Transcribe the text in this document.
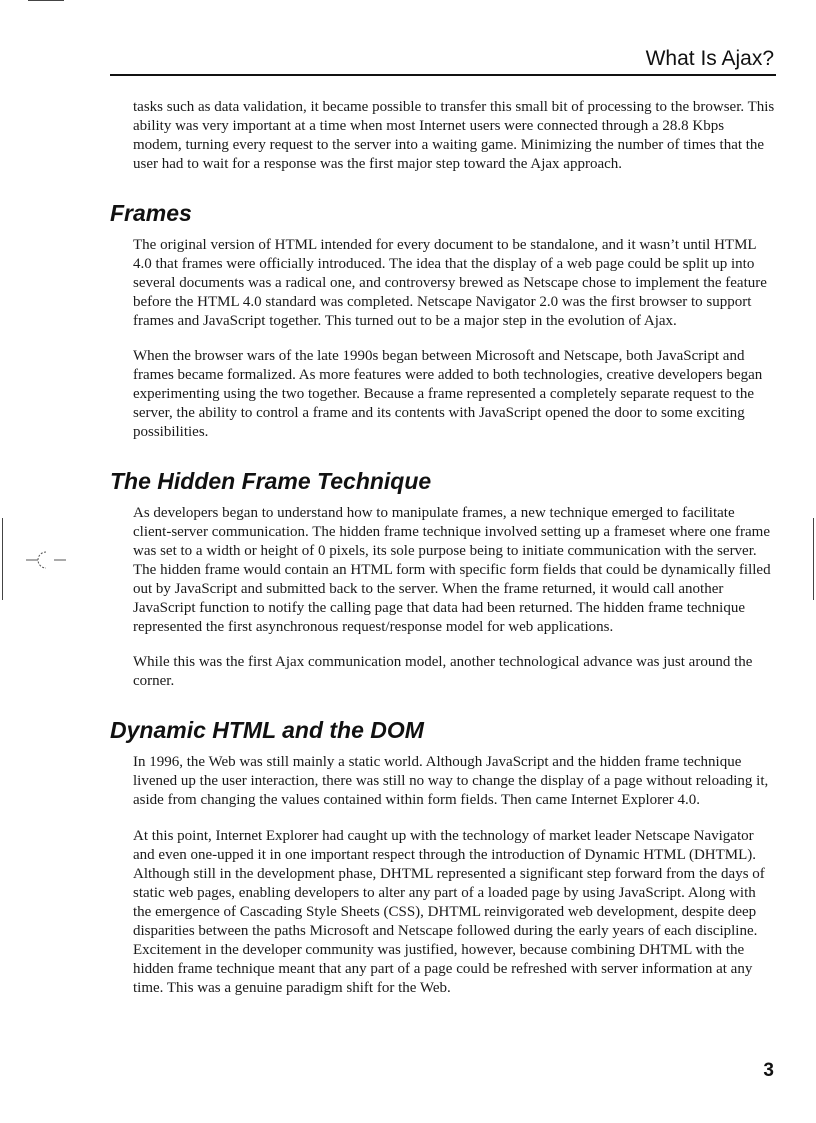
What Is Ajax?

tasks such as data validation, it became possible to transfer this small bit of processing to the browser. This ability was very important at a time when most Internet users were connected through a 28.8 Kbps modem, turning every request to the server into a waiting game. Minimizing the number of times that the user had to wait for a response was the first major step toward the Ajax approach.

Frames

The original version of HTML intended for every document to be standalone, and it wasn’t until HTML 4.0 that frames were officially introduced. The idea that the display of a web page could be split up into several documents was a radical one, and controversy brewed as Netscape chose to implement the feature before the HTML 4.0 standard was completed. Netscape Navigator 2.0 was the first browser to support frames and JavaScript together. This turned out to be a major step in the evolution of Ajax.

When the browser wars of the late 1990s began between Microsoft and Netscape, both JavaScript and frames became formalized. As more features were added to both technologies, creative developers began experimenting using the two together. Because a frame represented a completely separate request to the server, the ability to control a frame and its contents with JavaScript opened the door to some exciting possibilities.

The Hidden Frame Technique

As developers began to understand how to manipulate frames, a new technique emerged to facilitate client-server communication. The hidden frame technique involved setting up a frameset where one frame was set to a width or height of 0 pixels, its sole purpose being to initiate communication with the server. The hidden frame would contain an HTML form with specific form fields that could be dynamically filled out by JavaScript and submitted back to the server. When the frame returned, it would call another JavaScript function to notify the calling page that data had been returned. The hidden frame technique represented the first asynchronous request/response model for web applications.

While this was the first Ajax communication model, another technological advance was just around the corner.

Dynamic HTML and the DOM

In 1996, the Web was still mainly a static world. Although JavaScript and the hidden frame technique livened up the user interaction, there was still no way to change the display of a page without reloading it, aside from changing the values contained within form fields. Then came Internet Explorer 4.0.

At this point, Internet Explorer had caught up with the technology of market leader Netscape Navigator and even one-upped it in one important respect through the introduction of Dynamic HTML (DHTML). Although still in the development phase, DHTML represented a significant step forward from the days of static web pages, enabling developers to alter any part of a loaded page by using JavaScript. Along with the emergence of Cascading Style Sheets (CSS), DHTML reinvigorated web development, despite deep disparities between the paths Microsoft and Netscape followed during the early years of each discipline. Excitement in the developer community was justified, however, because combining DHTML with the hidden frame technique meant that any part of a page could be refreshed with server information at any time. This was a genuine paradigm shift for the Web.

3
